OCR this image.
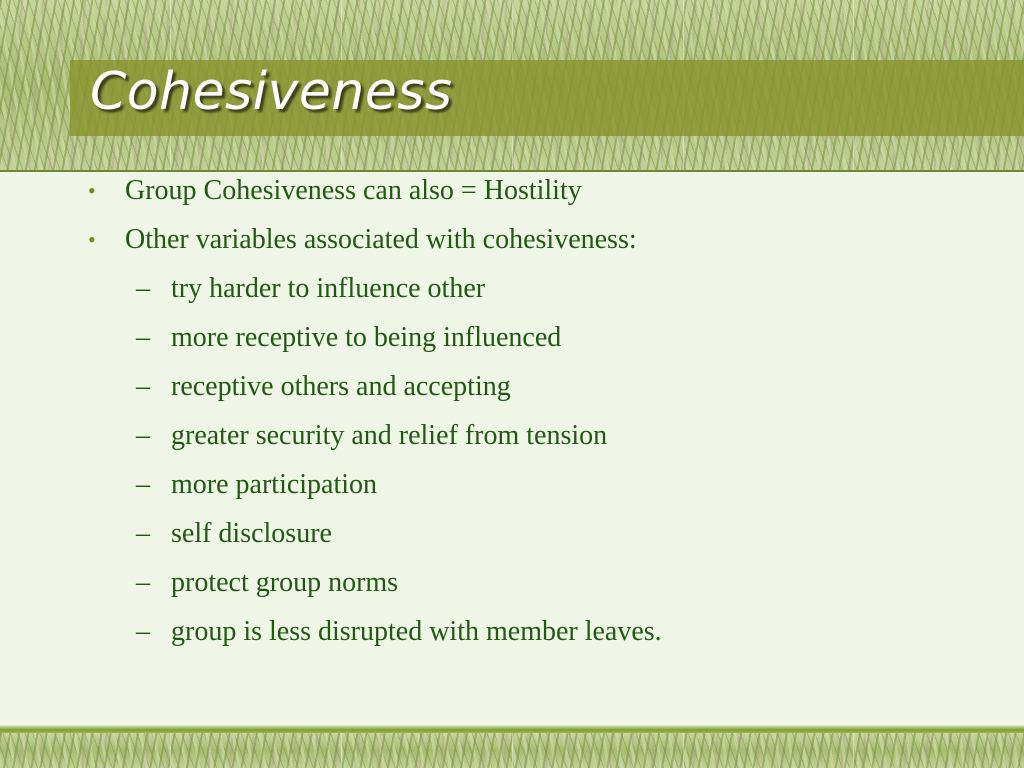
Cohesiveness
• Group Cohesiveness can also = Hostility
• Other variables associated with cohesiveness:
– try harder to influence other
– more receptive to being influenced
– receptive others and accepting
– greater security and relief from tension
– more participation
– self disclosure
– protect group norms
– group is less disrupted with member leaves.
